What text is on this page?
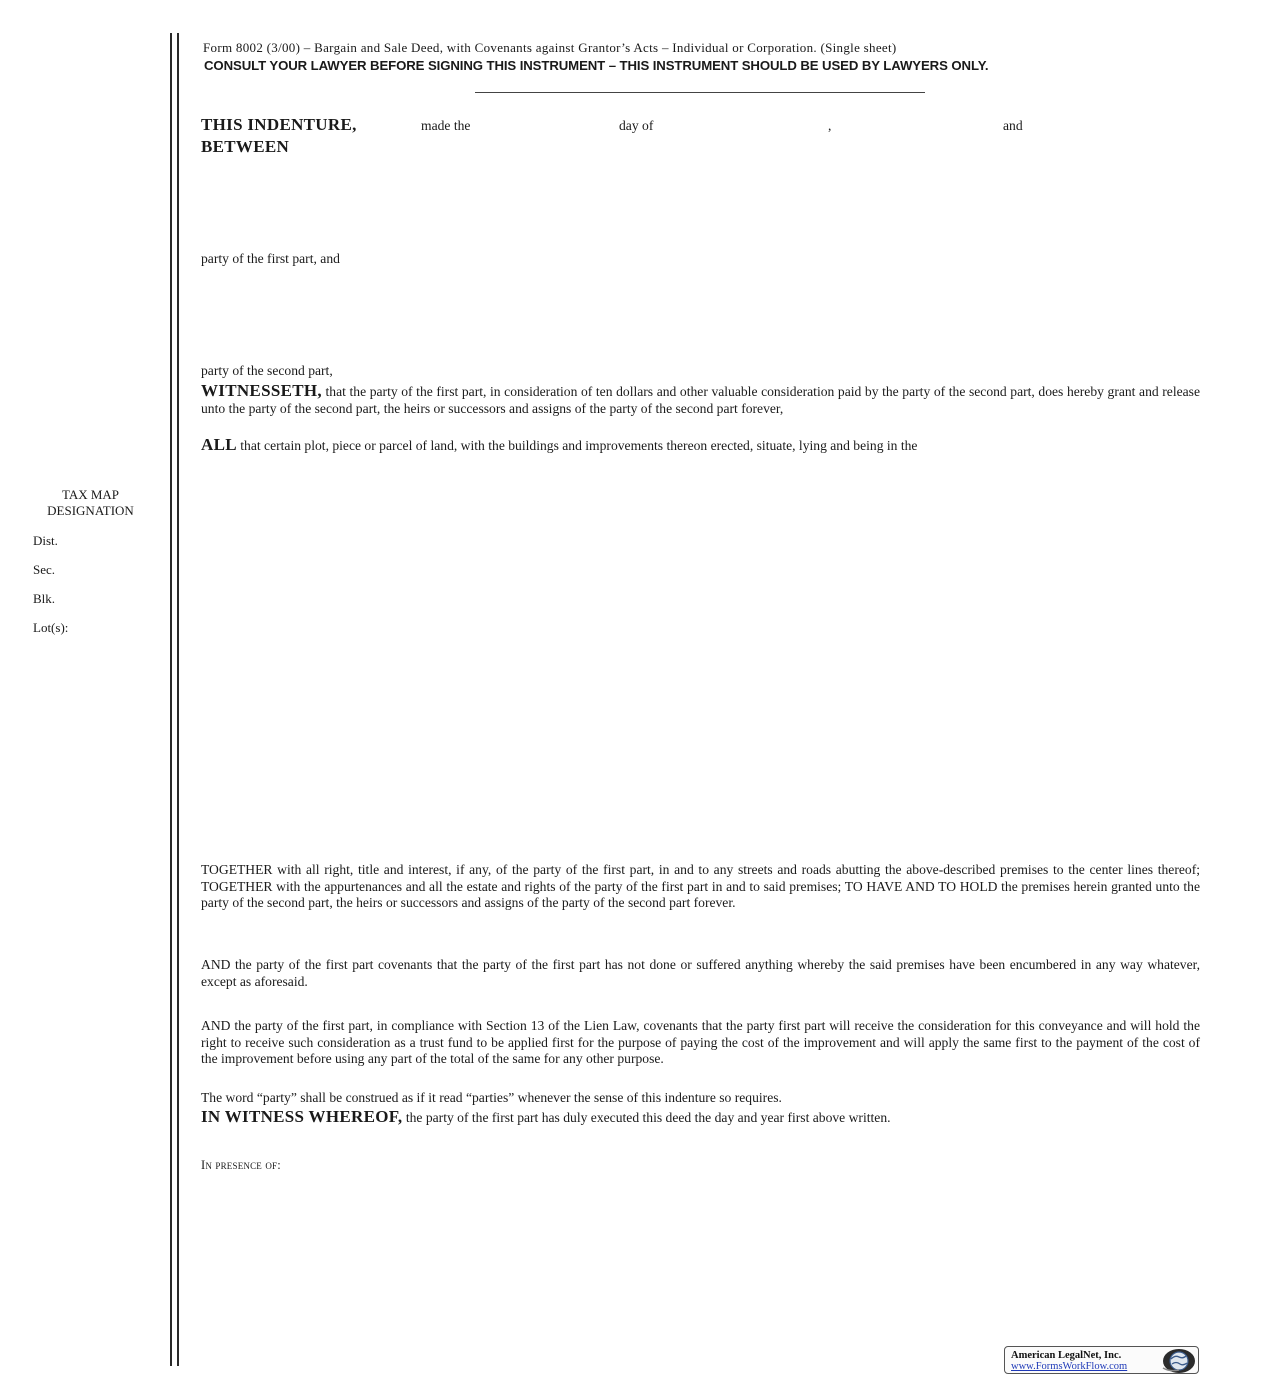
Form 8002 (3/00) – Bargain and Sale Deed, with Covenants against Grantor’s Acts – Individual or Corporation. (Single sheet)
CONSULT YOUR LAWYER BEFORE SIGNING THIS INSTRUMENT – THIS INSTRUMENT SHOULD BE USED BY LAWYERS ONLY.
THIS INDENTURE,	made the	day of	,	and
BETWEEN
party of the first part, and
party of the second part,
WITNESSETH, that the party of the first part, in consideration of ten dollars and other valuable consideration paid by the party of the second part, does hereby grant and release unto the party of the second part, the heirs or successors and assigns of the party of the second part forever,
ALL that certain plot, piece or parcel of land, with the buildings and improvements thereon erected, situate, lying and being in the
TAX MAP DESIGNATION
Dist.
Sec.
Blk.
Lot(s):
TOGETHER with all right, title and interest, if any, of the party of the first part, in and to any streets and roads abutting the above-described premises to the center lines thereof; TOGETHER with the appurtenances and all the estate and rights of the party of the first part in and to said premises; TO HAVE AND TO HOLD the premises herein granted unto the party of the second part, the heirs or successors and assigns of the party of the second part forever.
AND the party of the first part covenants that the party of the first part has not done or suffered anything whereby the said premises have been encumbered in any way whatever, except as aforesaid.
AND the party of the first part, in compliance with Section 13 of the Lien Law, covenants that the party first part will receive the consideration for this conveyance and will hold the right to receive such consideration as a trust fund to be applied first for the purpose of paying the cost of the improvement and will apply the same first to the payment of the cost of the improvement before using any part of the total of the same for any other purpose.
The word “party” shall be construed as if it read “parties” whenever the sense of this indenture so requires.
IN WITNESS WHEREOF, the party of the first part has duly executed this deed the day and year first above written.
In presence of:
American LegalNet, Inc.
www.FormsWorkFlow.com
